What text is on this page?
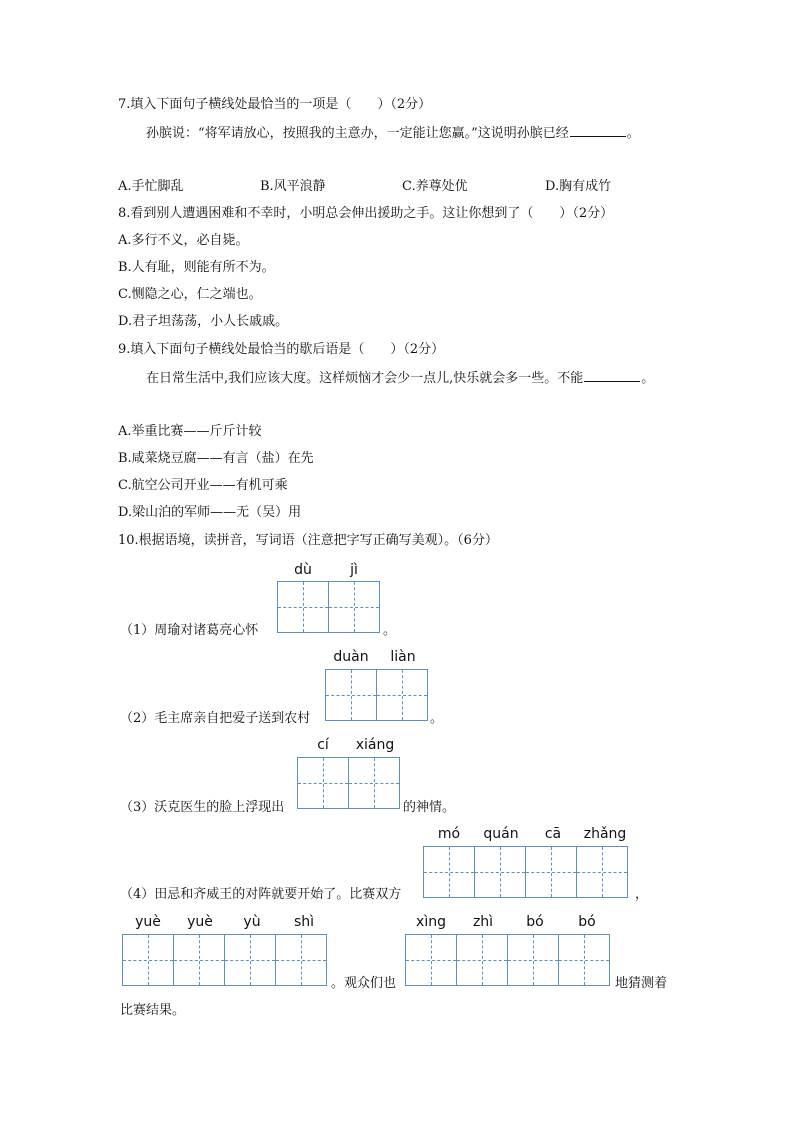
7.填入下面句子横线处最恰当的一项是（　　）（2分）
孙膑说：“将军请放心，按照我的主意办，一定能让您赢。”这说明孙膑已经	。
A.手忙脚乱	B.风平浪静	C.养尊处优	D.胸有成竹
8.看到别人遭遇困难和不幸时，小明总会伸出援助之手。这让你想到了（　　）（2分）
A.多行不义，必自毙。
B.人有耻，则能有所不为。
C.恻隐之心，仁之端也。
D.君子坦荡荡，小人长戚戚。
9.填入下面句子横线处最恰当的歇后语是（　　）（2分）
在日常生活中,我们应该大度。这样烦恼才会少一点儿,快乐就会多一些。不能	。
A.举重比赛——斤斤计较
B.咸菜烧豆腐——有言（盐）在先
C.航空公司开业——有机可乘
D.梁山泊的军师——无（吴）用
10.根据语境，读拼音，写词语（注意把字写正确写美观）。（6分）
dù	jì
（1）周瑜对诸葛亮心怀	。
duàn	liàn
（2）毛主席亲自把爱子送到农村	。
cí	xiáng
（3）沃克医生的脸上浮现出	的神情。
mó	quán	cā	zhǎng
（4）田忌和齐威王的对阵就要开始了。比赛双方	，
yuè	yuè	yù	shì
。观众们也
xìng	zhì	bó	bó
地猜测着
比赛结果。
